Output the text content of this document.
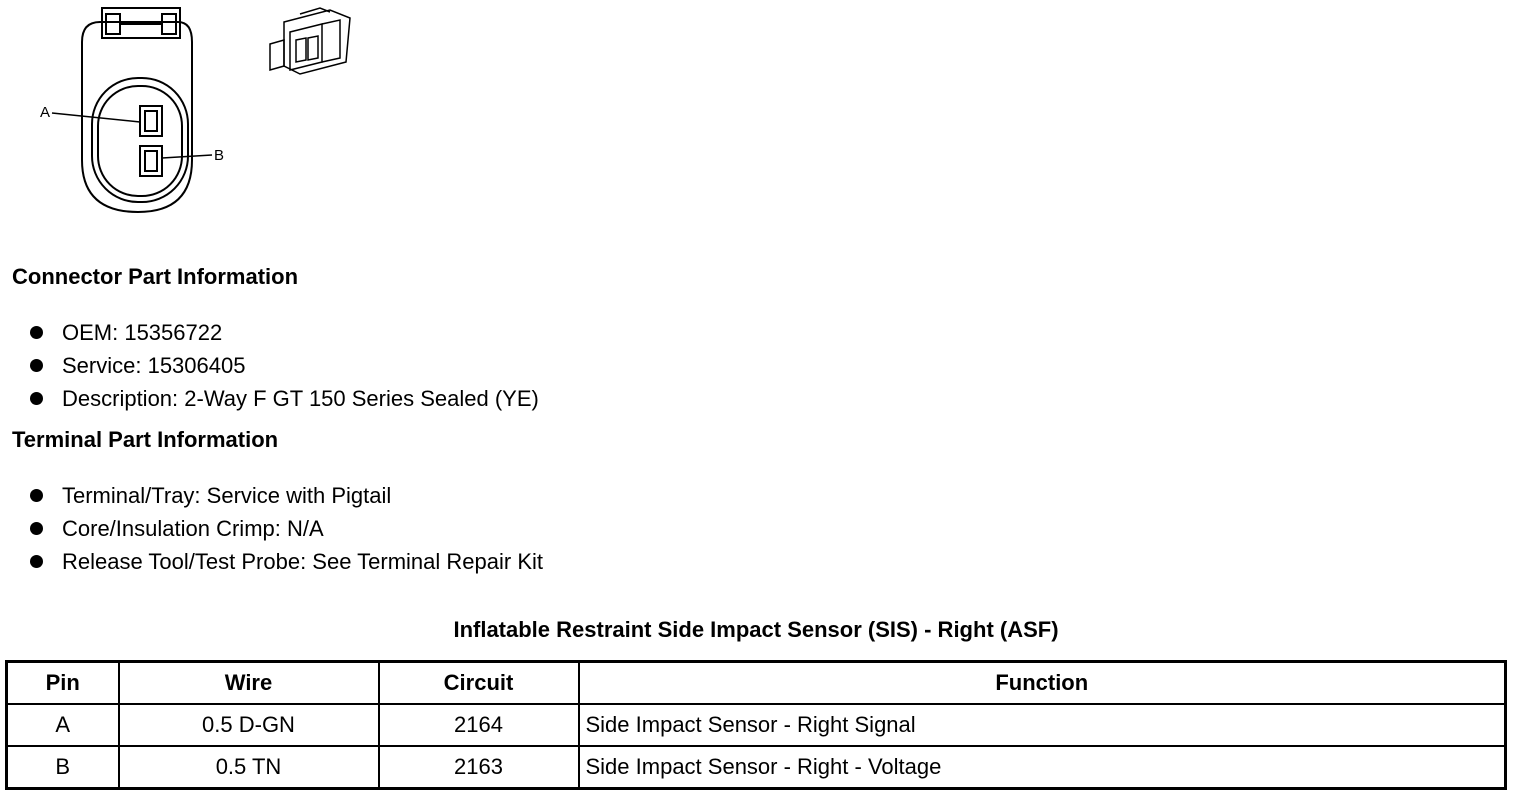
A
B
Connector Part Information
OEM: 15356722
Service: 15306405
Description: 2-Way F GT 150 Series Sealed (YE)
Terminal Part Information
Terminal/Tray: Service with Pigtail
Core/Insulation Crimp: N/A
Release Tool/Test Probe: See Terminal Repair Kit
Inflatable Restraint Side Impact Sensor (SIS) - Right (ASF)
Pin	Wire	Circuit	Function
A	0.5 D-GN	2164	Side Impact Sensor - Right Signal
B	0.5 TN	2163	Side Impact Sensor - Right - Voltage
